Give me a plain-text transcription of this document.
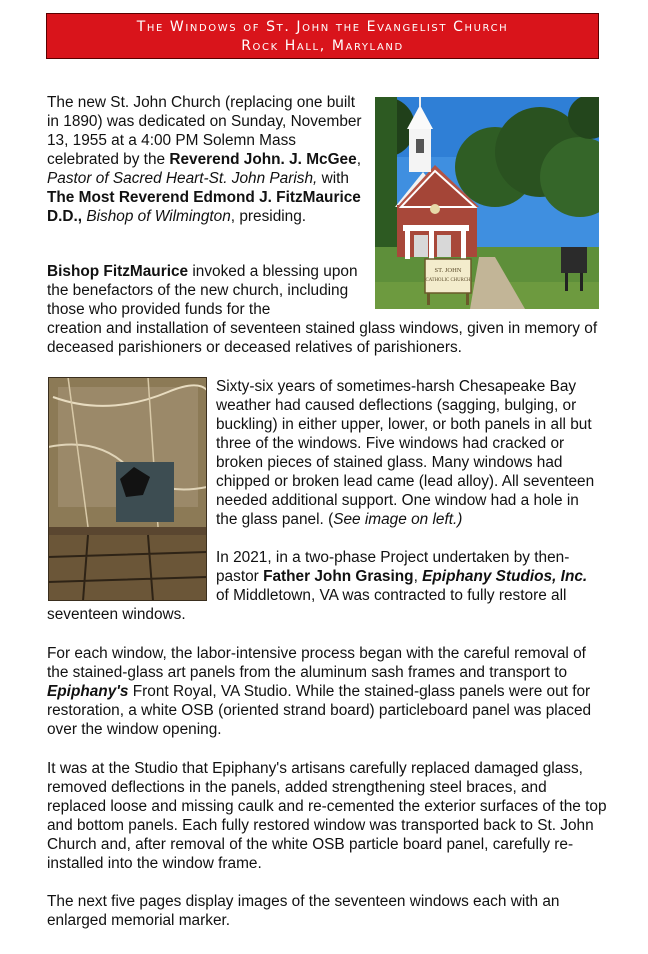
The Windows of St. John the Evangelist Church
Rock Hall, Maryland
ST. JOHN
CATHOLIC CHURCH

The new St. John Church (replacing one built in 1890) was dedicated on Sunday, November 13, 1955 at a 4:00 PM Solemn Mass celebrated by the Reverend John. J. McGee, Pastor of Sacred Heart-St. John Parish, with The Most Reverend Edmond J. FitzMaurice D.D., Bishop of Wilmington, presiding.

Bishop FitzMaurice invoked a blessing upon the benefactors of the new church, including those who provided funds for the

creation and installation of seventeen stained glass windows, given in memory of deceased parishioners or deceased relatives of parishioners.

Sixty-six years of sometimes-harsh Chesapeake Bay weather had caused deflections (sagging, bulging, or buckling) in either upper, lower, or both panels in all but three of the windows. Five windows had cracked or broken pieces of stained glass. Many windows had chipped or broken lead came (lead alloy). All seventeen needed additional support. One window had a hole in the glass panel. (See image on left.)

In 2021, in a two-phase Project undertaken by then-pastor Father John Grasing, Epiphany Studios, Inc. of Middletown, VA was contracted to fully restore all

seventeen windows.

For each window, the labor-intensive process began with the careful removal of the stained-glass art panels from the aluminum sash frames and transport to Epiphany's Front Royal, VA Studio. While the stained-glass panels were out for restoration, a white OSB (oriented strand board) particleboard panel was placed over the window opening.

It was at the Studio that Epiphany's artisans carefully replaced damaged glass, removed deflections in the panels, added strengthening steel braces, and replaced loose and missing caulk and re-cemented the exterior surfaces of the top and bottom panels. Each fully restored window was transported back to St. John Church and, after removal of the white OSB particle board panel, carefully re-installed into the window frame.

The next five pages display images of the seventeen windows each with an enlarged memorial marker.
